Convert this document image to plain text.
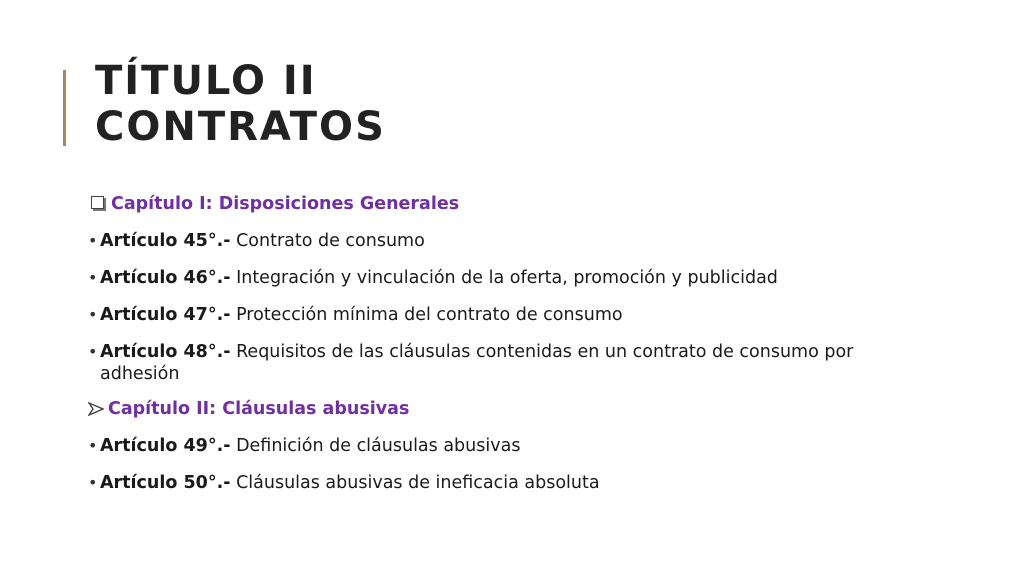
TÍTULO II
CONTRATOS
Capítulo I: Disposiciones Generales
• Artículo 45°.- Contrato de consumo
• Artículo 46°.- Integración y vinculación de la oferta, promoción y publicidad
• Artículo 47°.- Protección mínima del contrato de consumo
• Artículo 48°.- Requisitos de las cláusulas contenidas en un contrato de consumo por adhesión
Capítulo II: Cláusulas abusivas
• Artículo 49°.- Definición de cláusulas abusivas
• Artículo 50°.- Cláusulas abusivas de ineficacia absoluta
